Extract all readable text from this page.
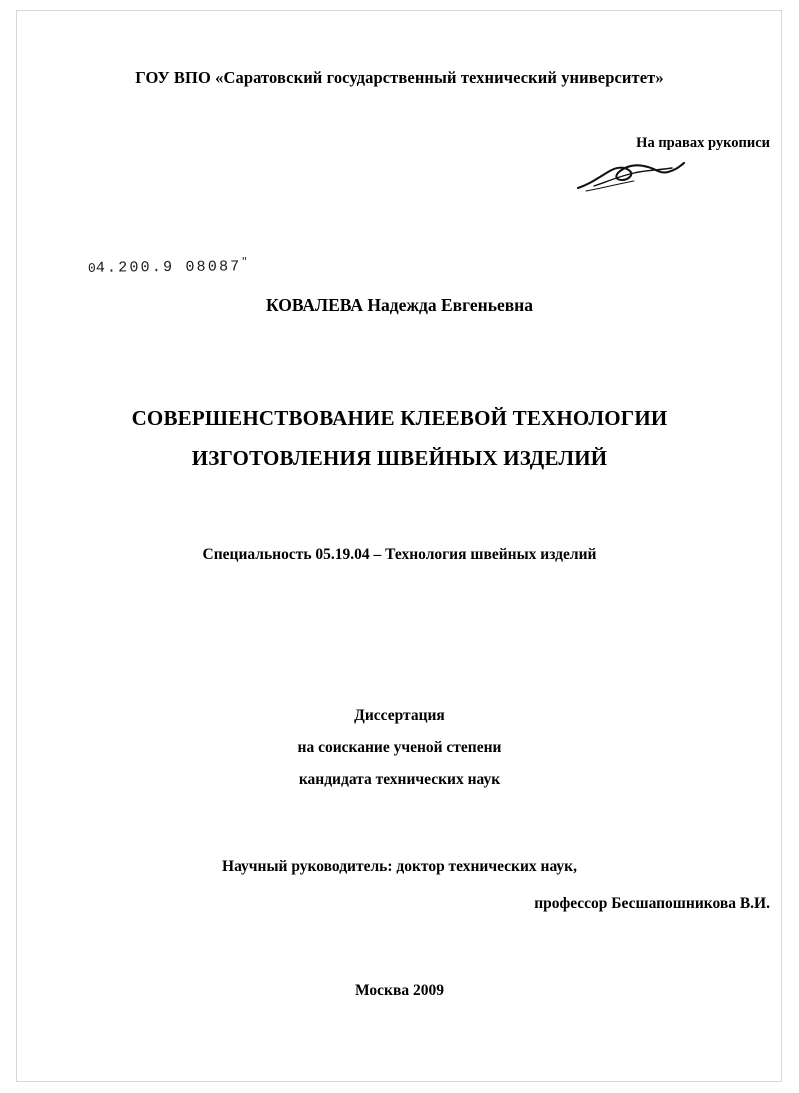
ГОУ ВПО «Саратовский государственный технический университет»
На правах рукописи
04.200.9 08087"
КОВАЛЕВА Надежда Евгеньевна
СОВЕРШЕНСТВОВАНИЕ КЛЕЕВОЙ ТЕХНОЛОГИИ
ИЗГОТОВЛЕНИЯ ШВЕЙНЫХ ИЗДЕЛИЙ
Специальность 05.19.04 – Технология швейных изделий
Диссертация
на соискание ученой степени
кандидата технических наук
Научный руководитель: доктор технических наук,
профессор Бесшапошникова В.И.
Москва 2009
